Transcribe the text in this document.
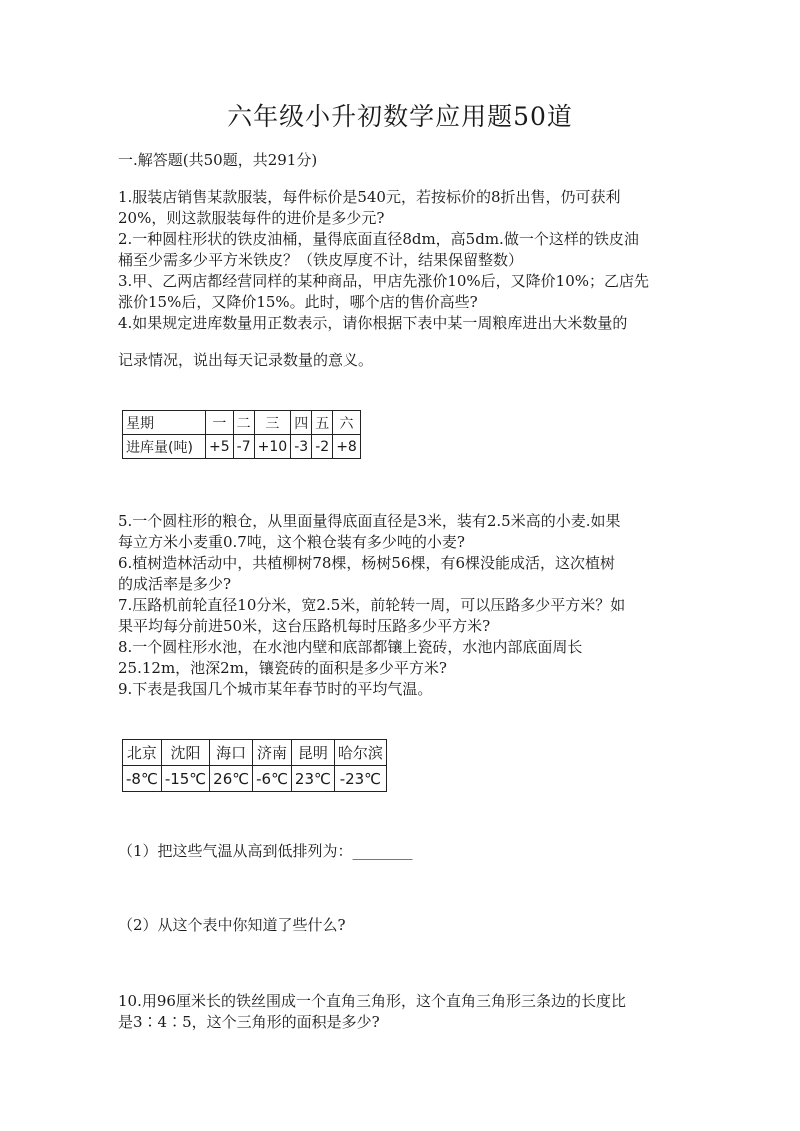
六年级小升初数学应用题50道
一.解答题(共50题，共291分)

1.服装店销售某款服装，每件标价是540元，若按标价的8折出售，仍可获利
20%，则这款服装每件的进价是多少元?

2.一种圆柱形状的铁皮油桶，量得底面直径8dm，高5dm.做一个这样的铁皮油
桶至少需多少平方米铁皮？（铁皮厚度不计，结果保留整数）

3.甲、乙两店都经营同样的某种商品，甲店先涨价10%后，又降价10%；乙店先
涨价15%后，又降价15%。此时，哪个店的售价高些?

4.如果规定进库数量用正数表示，请你根据下表中某一周粮库进出大米数量的

记录情况，说出每天记录数量的意义。

星期	一	二	三	四	五	六
进库量(吨)	+5	-7	+10	-3	-2	+8

5.一个圆柱形的粮仓，从里面量得底面直径是3米，装有2.5米高的小麦.如果
每立方米小麦重0.7吨，这个粮仓装有多少吨的小麦?

6.植树造林活动中，共植柳树78棵，杨树56棵，有6棵没能成活，这次植树
的成活率是多少?

7.压路机前轮直径10分米，宽2.5米，前轮转一周，可以压路多少平方米？如
果平均每分前进50米，这台压路机每时压路多少平方米?

8.一个圆柱形水池，在水池内壁和底部都镶上瓷砖，水池内部底面周长
25.12m，池深2m，镶瓷砖的面积是多少平方米?

9.下表是我国几个城市某年春节时的平均气温。

北京	沈阳	海口	济南	昆明	哈尔滨
-8℃	-15℃	26℃	-6℃	23℃	-23℃

（1）把这些气温从高到低排列为：________

（2）从这个表中你知道了些什么?

10.用96厘米长的铁丝围成一个直角三角形，这个直角三角形三条边的长度比
是3∶4∶5，这个三角形的面积是多少?
